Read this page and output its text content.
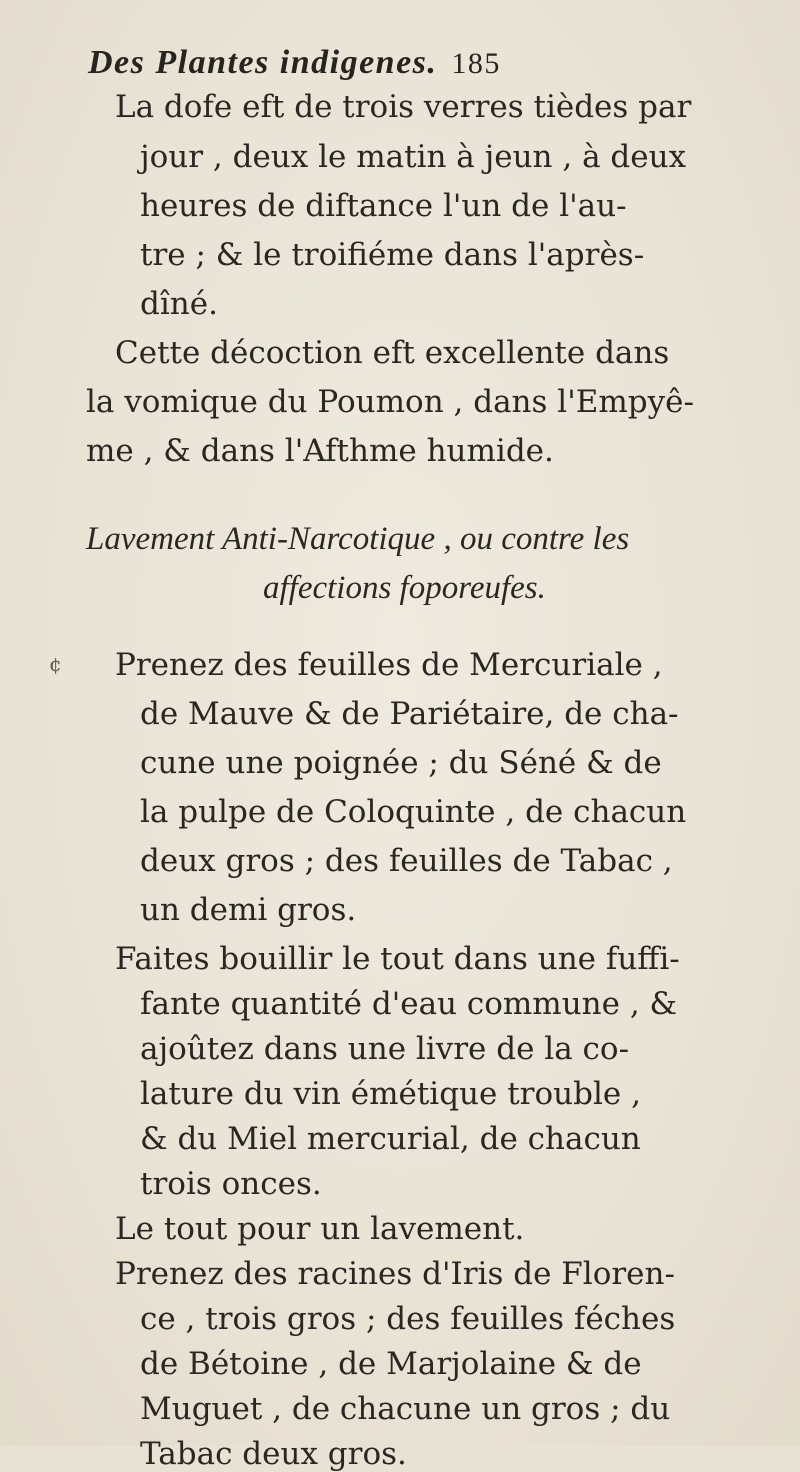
Des Plantes indigenes. 185
La dofe eft de trois verres tièdes par
jour , deux le matin à jeun , à deux
heures de diftance l'un de l'au-
tre ; & le troifiéme dans l'après-
dîné.
Cette décoction eft excellente dans
la vomique du Poumon , dans l'Empyê-
me , & dans l'Afthme humide.
Lavement Anti-Narcotique , ou contre les
affections foporeufes.
¢ Prenez des feuilles de Mercuriale ,
de Mauve & de Pariétaire, de cha-
cune une poignée ; du Séné & de
la pulpe de Coloquinte , de chacun
deux gros ; des feuilles de Tabac ,
un demi gros.
Faites bouillir le tout dans une fuffi-
fante quantité d'eau commune , &
ajoûtez dans une livre de la co-
lature du vin émétique trouble ,
& du Miel mercurial, de chacun
trois onces.
Le tout pour un lavement.
Prenez des racines d'Iris de Floren-
ce , trois gros ; des feuilles féches
de Bétoine , de Marjolaine & de
Muguet , de chacune un gros ; du
Tabac deux gros.
